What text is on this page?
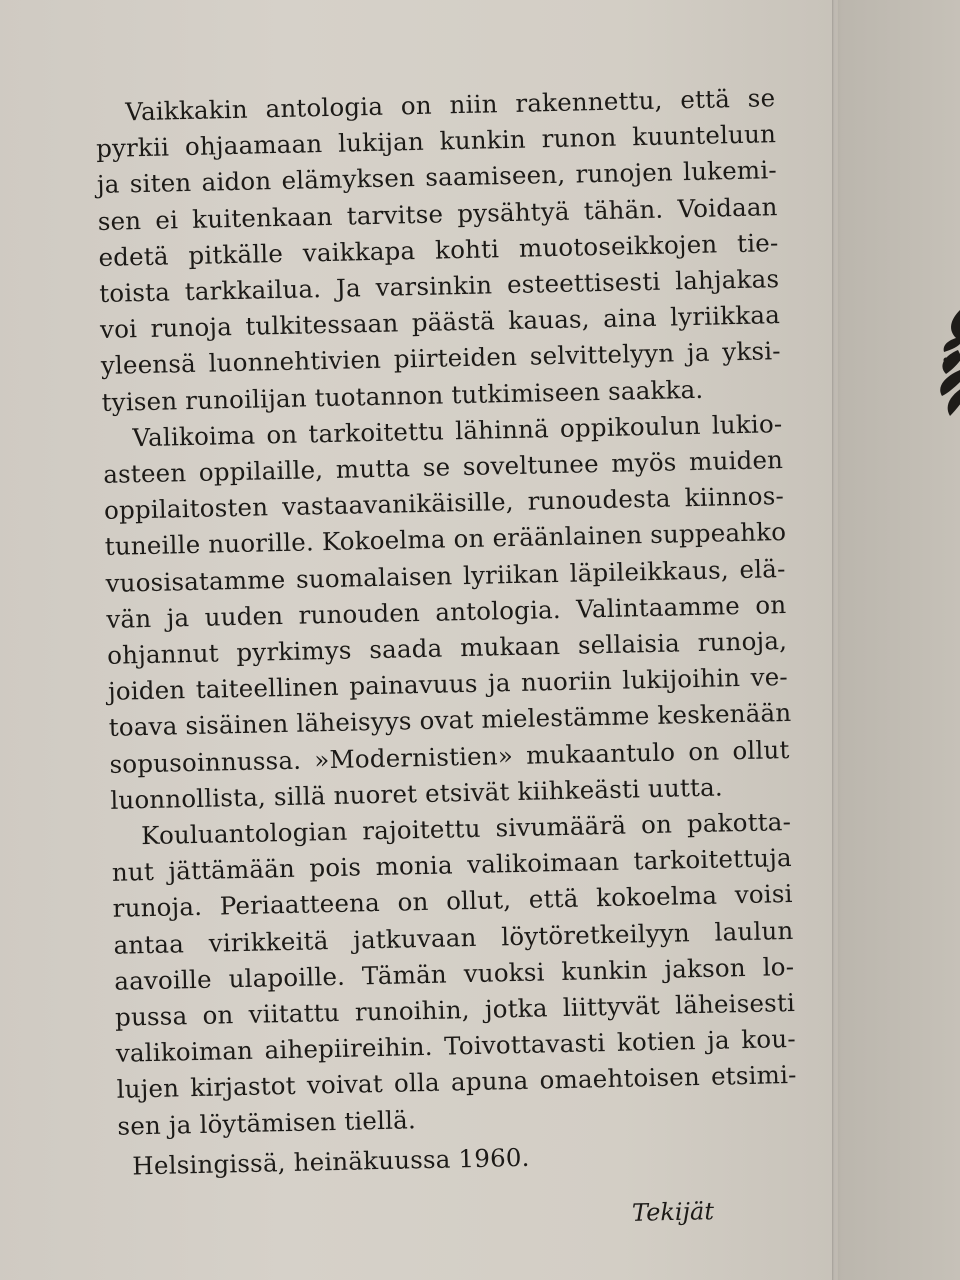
Vaikkakin antologia on niin rakennettu, että se
pyrkii ohjaamaan lukijan kunkin runon kuunteluun
ja siten aidon elämyksen saamiseen, runojen lukemi-
sen ei kuitenkaan tarvitse pysähtyä tähän. Voidaan
edetä pitkälle vaikkapa kohti muotoseikkojen tie-
toista tarkkailua. Ja varsinkin esteettisesti lahjakas
voi runoja tulkitessaan päästä kauas, aina lyriikkaa
yleensä luonnehtivien piirteiden selvittelyyn ja yksi-
tyisen runoilijan tuotannon tutkimiseen saakka.
Valikoima on tarkoitettu lähinnä oppikoulun lukio-
asteen oppilaille, mutta se soveltunee myös muiden
oppilaitosten vastaavanikäisille, runoudesta kiinnos-
tuneille nuorille. Kokoelma on eräänlainen suppeahko
vuosisatamme suomalaisen lyriikan läpileikkaus, elä-
vän ja uuden runouden antologia. Valintaamme on
ohjannut pyrkimys saada mukaan sellaisia runoja,
joiden taiteellinen painavuus ja nuoriin lukijoihin ve-
toava sisäinen läheisyys ovat mielestämme keskenään
sopusoinnussa. »Modernistien» mukaantulo on ollut
luonnollista, sillä nuoret etsivät kiihkeästi uutta.
Kouluantologian rajoitettu sivumäärä on pakotta-
nut jättämään pois monia valikoimaan tarkoitettuja
runoja. Periaatteena on ollut, että kokoelma voisi
antaa virikkeitä jatkuvaan löytöretkeilyyn laulun
aavoille ulapoille. Tämän vuoksi kunkin jakson lo-
pussa on viitattu runoihin, jotka liittyvät läheisesti
valikoiman aihepiireihin. Toivottavasti kotien ja kou-
lujen kirjastot voivat olla apuna omaehtoisen etsimi-
sen ja löytämisen tiellä.
Helsingissä, heinäkuussa 1960.
Tekijät
